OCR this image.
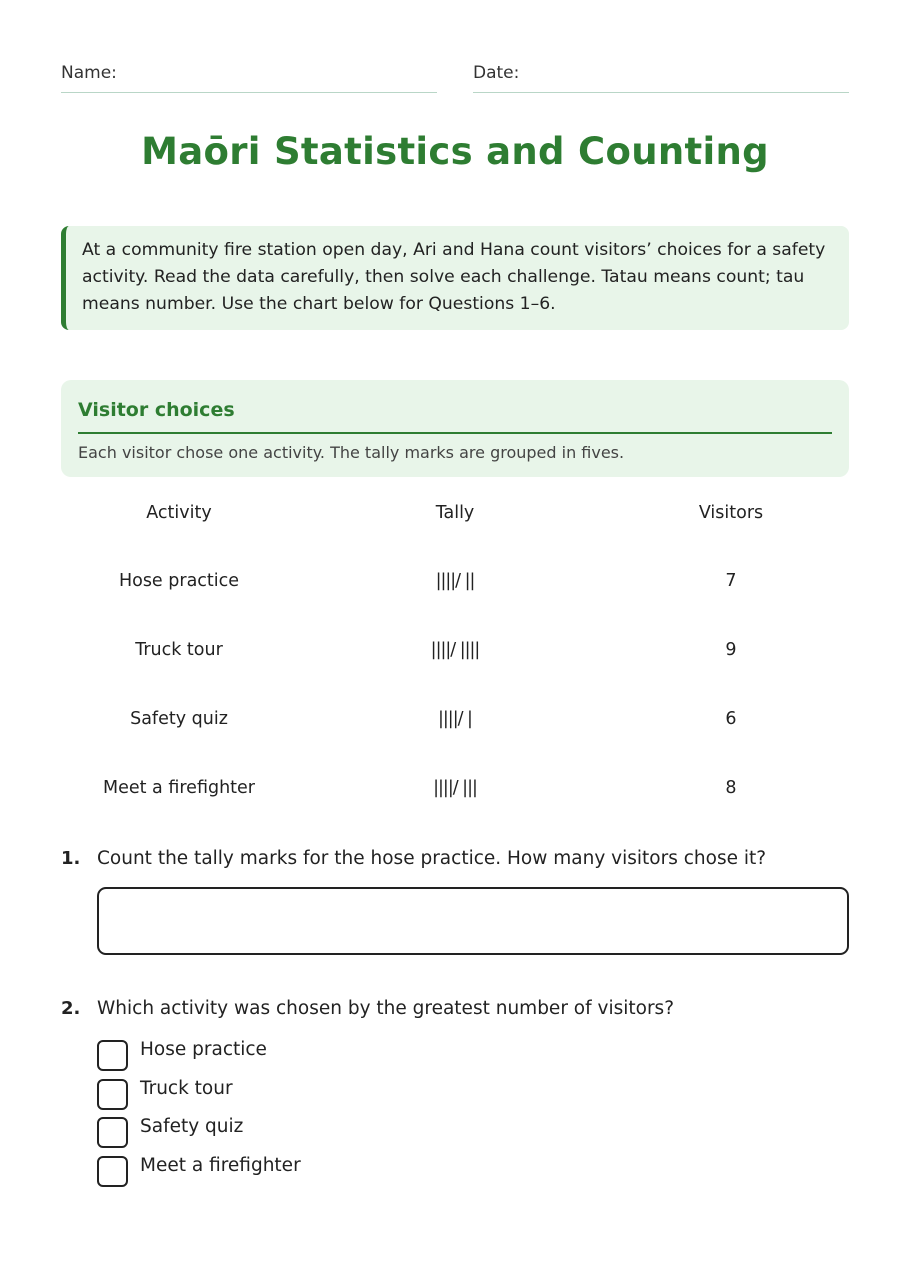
Name:	Date:
Maōri Statistics and Counting
At a community fire station open day, Ari and Hana count visitors’ choices for a safety activity. Read the data carefully, then solve each challenge. Tatau means count; tau means number. Use the chart below for Questions 1–6.
Visitor choices
Each visitor chose one activity. The tally marks are grouped in fives.
Activity	Tally	Visitors
Hose practice	||||/ ||	7
Truck tour	||||/ ||||	9
Safety quiz	||||/ |	6
Meet a firefighter	||||/ |||	8
1. Count the tally marks for the hose practice. How many visitors chose it?
2. Which activity was chosen by the greatest number of visitors?
Hose practice
Truck tour
Safety quiz
Meet a firefighter
